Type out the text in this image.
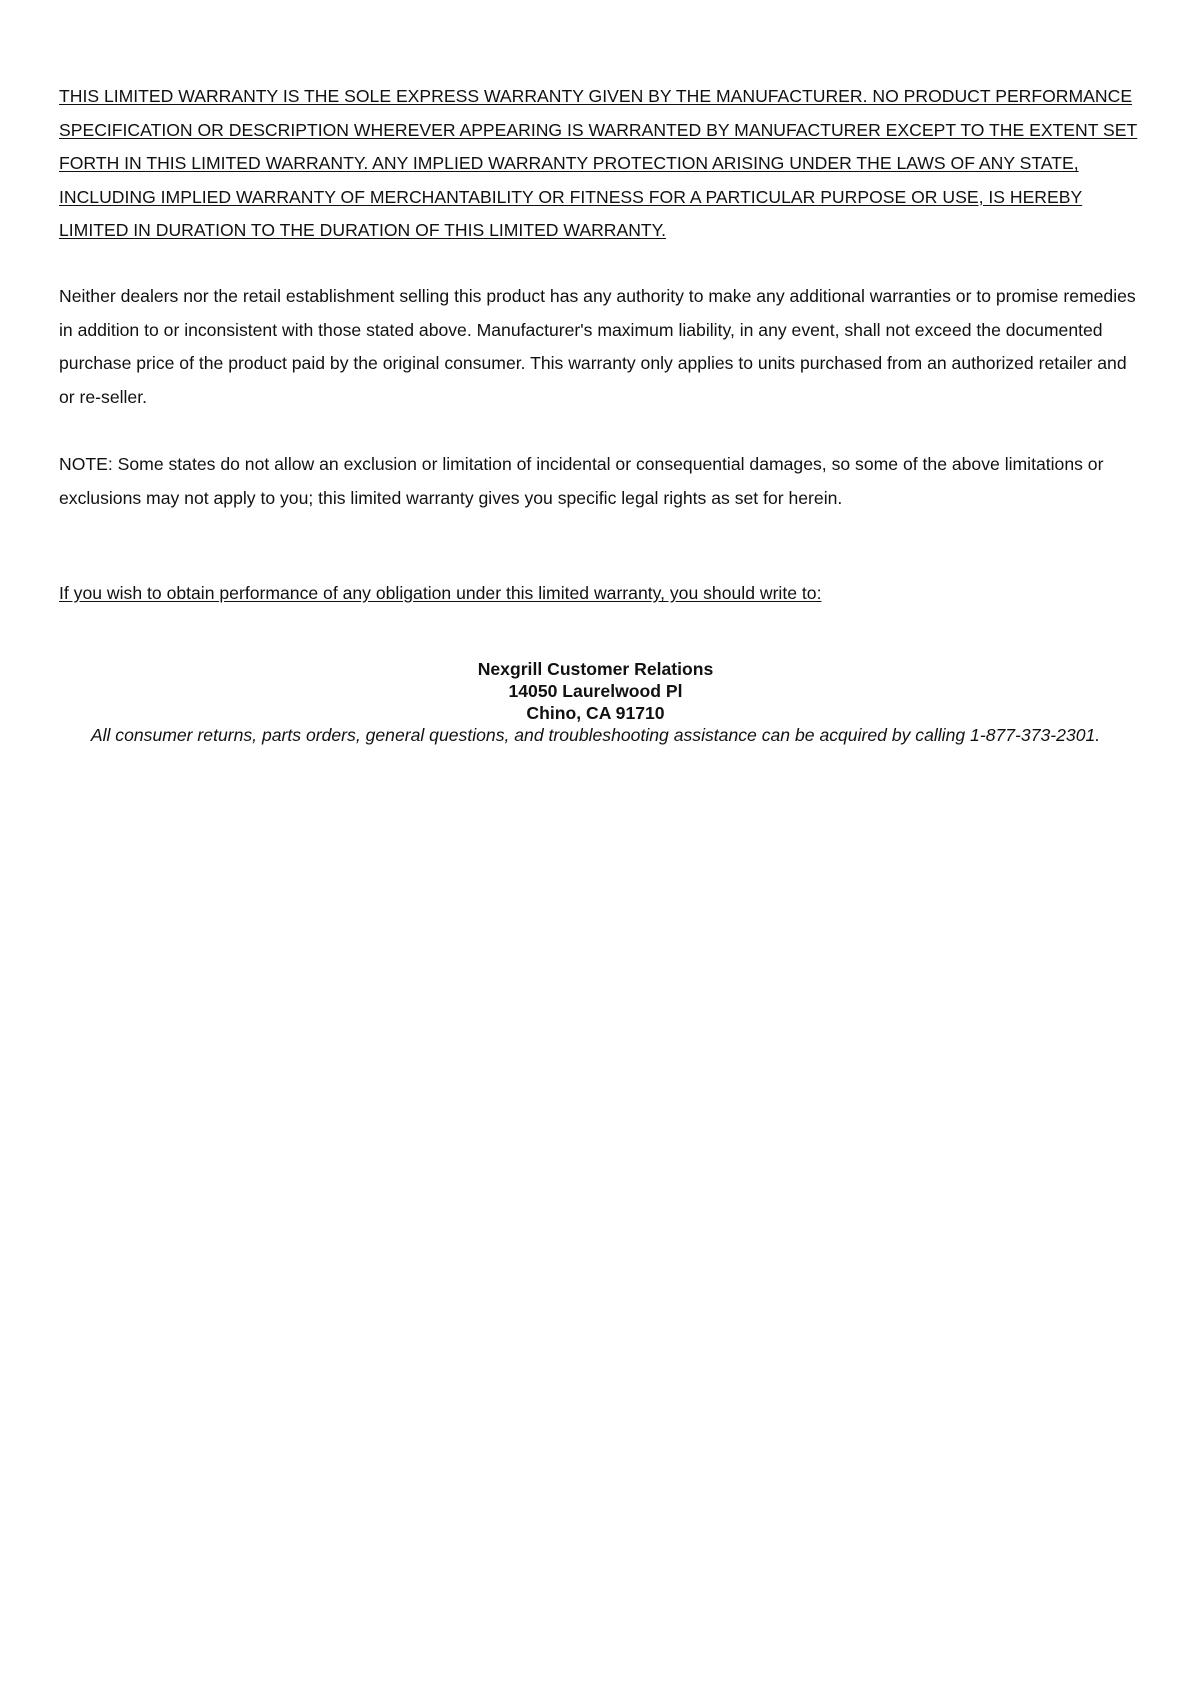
THIS LIMITED WARRANTY IS THE SOLE EXPRESS WARRANTY GIVEN BY THE MANUFACTURER. NO PRODUCT PERFORMANCE SPECIFICATION OR DESCRIPTION WHEREVER APPEARING IS WARRANTED BY MANUFACTURER EXCEPT TO THE EXTENT SET FORTH IN THIS LIMITED WARRANTY. ANY IMPLIED WARRANTY PROTECTION ARISING UNDER THE LAWS OF ANY STATE, INCLUDING IMPLIED WARRANTY OF MERCHANTABILITY OR FITNESS FOR A PARTICULAR PURPOSE OR USE, IS HEREBY LIMITED IN DURATION TO THE DURATION OF THIS LIMITED WARRANTY.

Neither dealers nor the retail establishment selling this product has any authority to make any additional warranties or to promise remedies in addition to or inconsistent with those stated above. Manufacturer's maximum liability, in any event, shall not exceed the documented purchase price of the product paid by the original consumer. This warranty only applies to units purchased from an authorized retailer and or re-seller.

NOTE: Some states do not allow an exclusion or limitation of incidental or consequential damages, so some of the above limitations or exclusions may not apply to you; this limited warranty gives you specific legal rights as set for herein.

If you wish to obtain performance of any obligation under this limited warranty, you should write to:

Nexgrill Customer Relations

14050 Laurelwood Pl

Chino, CA 91710

All consumer returns, parts orders, general questions, and troubleshooting assistance can be acquired by calling 1-877-373-2301.
